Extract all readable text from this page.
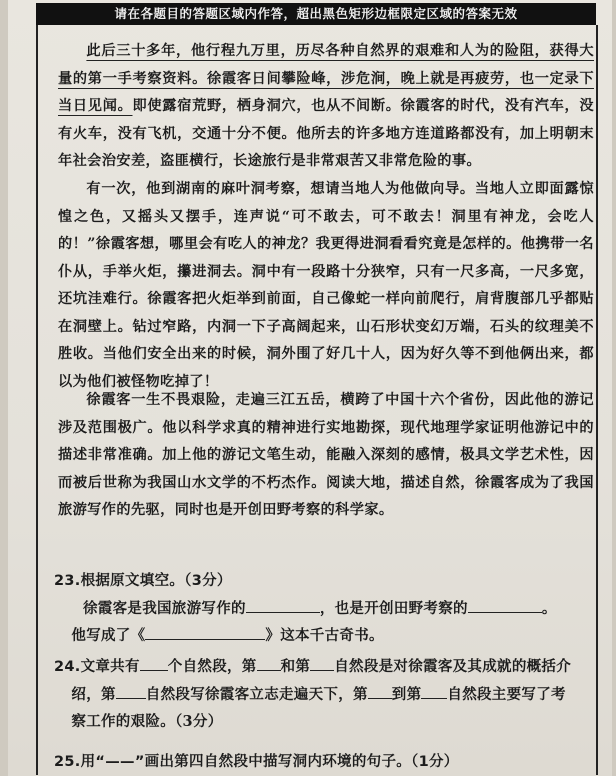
请在各题目的答题区域内作答，超出黑色矩形边框限定区域的答案无效

此后三十多年，他行程九万里，历尽各种自然界的艰难和人为的险阻，获得大量的第一手考察资料。徐霞客日间攀险峰，涉危涧，晚上就是再疲劳，也一定录下当日见闻。即使露宿荒野，栖身洞穴，也从不间断。徐霞客的时代，没有汽车，没有火车，没有飞机，交通十分不便。他所去的许多地方连道路都没有，加上明朝末年社会治安差，盗匪横行，长途旅行是非常艰苦又非常危险的事。

有一次，他到湖南的麻叶洞考察，想请当地人为他做向导。当地人立即面露惊惶之色，又摇头又摆手，连声说“可不敢去，可不敢去！洞里有神龙，会吃人的！”徐霞客想，哪里会有吃人的神龙？我更得进洞看看究竟是怎样的。他携带一名仆从，手举火炬，攥进洞去。洞中有一段路十分狭窄，只有一尺多高，一尺多宽，还坑洼难行。徐霞客把火炬举到前面，自己像蛇一样向前爬行，肩背腹部几乎都贴在洞壁上。钻过窄路，内洞一下子高阔起来，山石形状变幻万端，石头的纹理美不胜收。当他们安全出来的时候，洞外围了好几十人，因为好久等不到他俩出来，都以为他们被怪物吃掉了！

徐霞客一生不畏艰险，走遍三江五岳，横跨了中国十六个省份，因此他的游记涉及范围极广。他以科学求真的精神进行实地勘探，现代地理学家证明他游记中的描述非常准确。加上他的游记文笔生动，能融入深刻的感情，极具文学艺术性，因而被后世称为我国山水文学的不朽杰作。阅读大地，描述自然，徐霞客成为了我国旅游写作的先驱，同时也是开创田野考察的科学家。

23.根据原文填空。（3分）
徐霞客是我国旅游写作的	，也是开创田野考察的	。
他写成了《	》这本千古奇书。
24.文章共有 个自然段，第 和第 自然段是对徐霞客及其成就的概括介
绍，第 自然段写徐霞客立志走遍天下，第 到第 自然段主要写了考
察工作的艰险。（3分）
25.用“——”画出第四自然段中描写洞内环境的句子。（1分）
